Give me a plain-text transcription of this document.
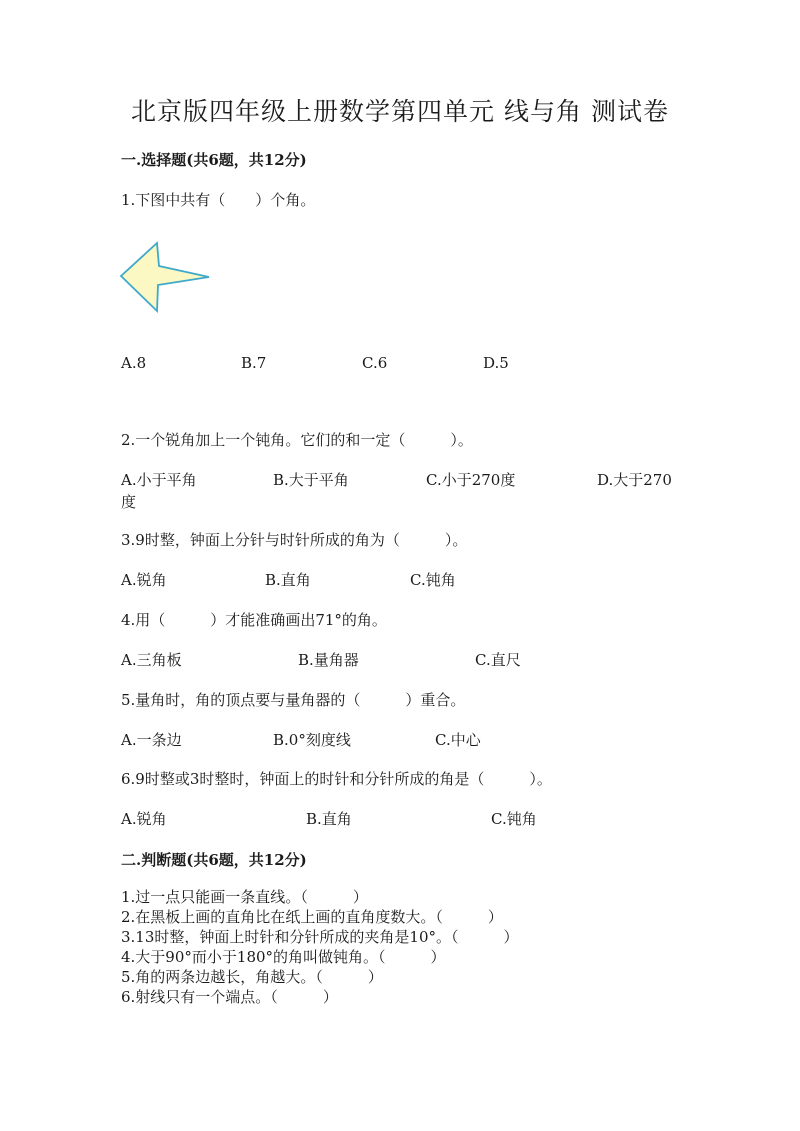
北京版四年级上册数学第四单元 线与角 测试卷
一.选择题(共6题，共12分)
1.下图中共有（　　）个角。
A.8	B.7	C.6	D.5
2.一个锐角加上一个钝角。它们的和一定（　　　）。
A.小于平角	B.大于平角	C.小于270度	D.大于270
度
3.9时整，钟面上分针与时针所成的角为（　　　）。
A.锐角	B.直角	C.钝角
4.用（　　　）才能准确画出71°的角。
A.三角板	B.量角器	C.直尺
5.量角时，角的顶点要与量角器的（　　　）重合。
A.一条边	B.0°刻度线	C.中心
6.9时整或3时整时，钟面上的时针和分针所成的角是（　　　）。
A.锐角	B.直角	C.钝角
二.判断题(共6题，共12分)
1.过一点只能画一条直线。（　　　）
2.在黑板上画的直角比在纸上画的直角度数大。（　　　）
3.13时整，钟面上时针和分针所成的夹角是10°。（　　　）
4.大于90°而小于180°的角叫做钝角。（　　　）
5.角的两条边越长，角越大。（　　　）
6.射线只有一个端点。（　　　）
